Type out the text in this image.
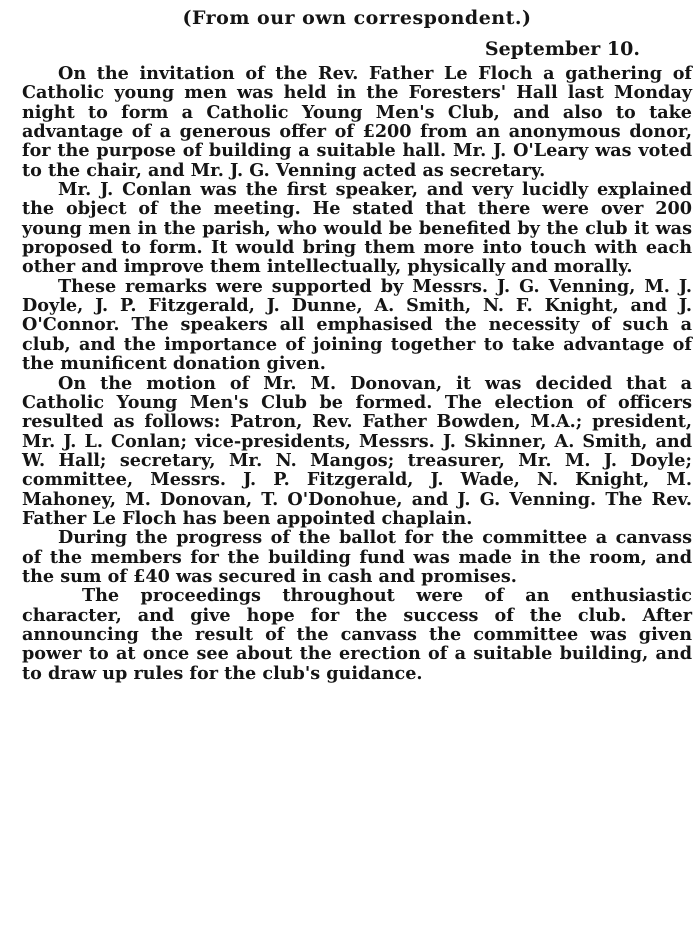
(From our own correspondent.)
September 10.

On the invitation of the Rev. Father Le Floch a gathering of Catholic young men was held in the Foresters' Hall last Monday night to form a Catholic Young Men's Club, and also to take advantage of a generous offer of £200 from an anonymous donor, for the purpose of building a suitable hall. Mr. J. O'Leary was voted to the chair, and Mr. J. G. Venning acted as secretary.

Mr. J. Conlan was the first speaker, and very lucidly explained the object of the meeting. He stated that there were over 200 young men in the parish, who would be benefited by the club it was proposed to form. It would bring them more into touch with each other and improve them intellectually, physically and morally.

These remarks were supported by Messrs. J. G. Venning, M. J. Doyle, J. P. Fitzgerald, J. Dunne, A. Smith, N. F. Knight, and J. O'Connor. The speakers all emphasised the necessity of such a club, and the importance of joining together to take advantage of the munificent donation given.

On the motion of Mr. M. Donovan, it was decided that a Catholic Young Men's Club be formed. The election of officers resulted as follows: Patron, Rev. Father Bowden, M.A.; president, Mr. J. L. Conlan; vice-presidents, Messrs. J. Skinner, A. Smith, and W. Hall; secretary, Mr. N. Mangos; treasurer, Mr. M. J. Doyle; committee, Messrs. J. P. Fitzgerald, J. Wade, N. Knight, M. Mahoney, M. Donovan, T. O'Donohue, and J. G. Venning. The Rev. Father Le Floch has been appointed chaplain.

During the progress of the ballot for the committee a canvass of the members for the building fund was made in the room, and the sum of £40 was secured in cash and promises.

The proceedings throughout were of an enthusiastic character, and give hope for the success of the club. After announcing the result of the canvass the committee was given power to at once see about the erection of a suitable building, and to draw up rules for the club's guidance.
